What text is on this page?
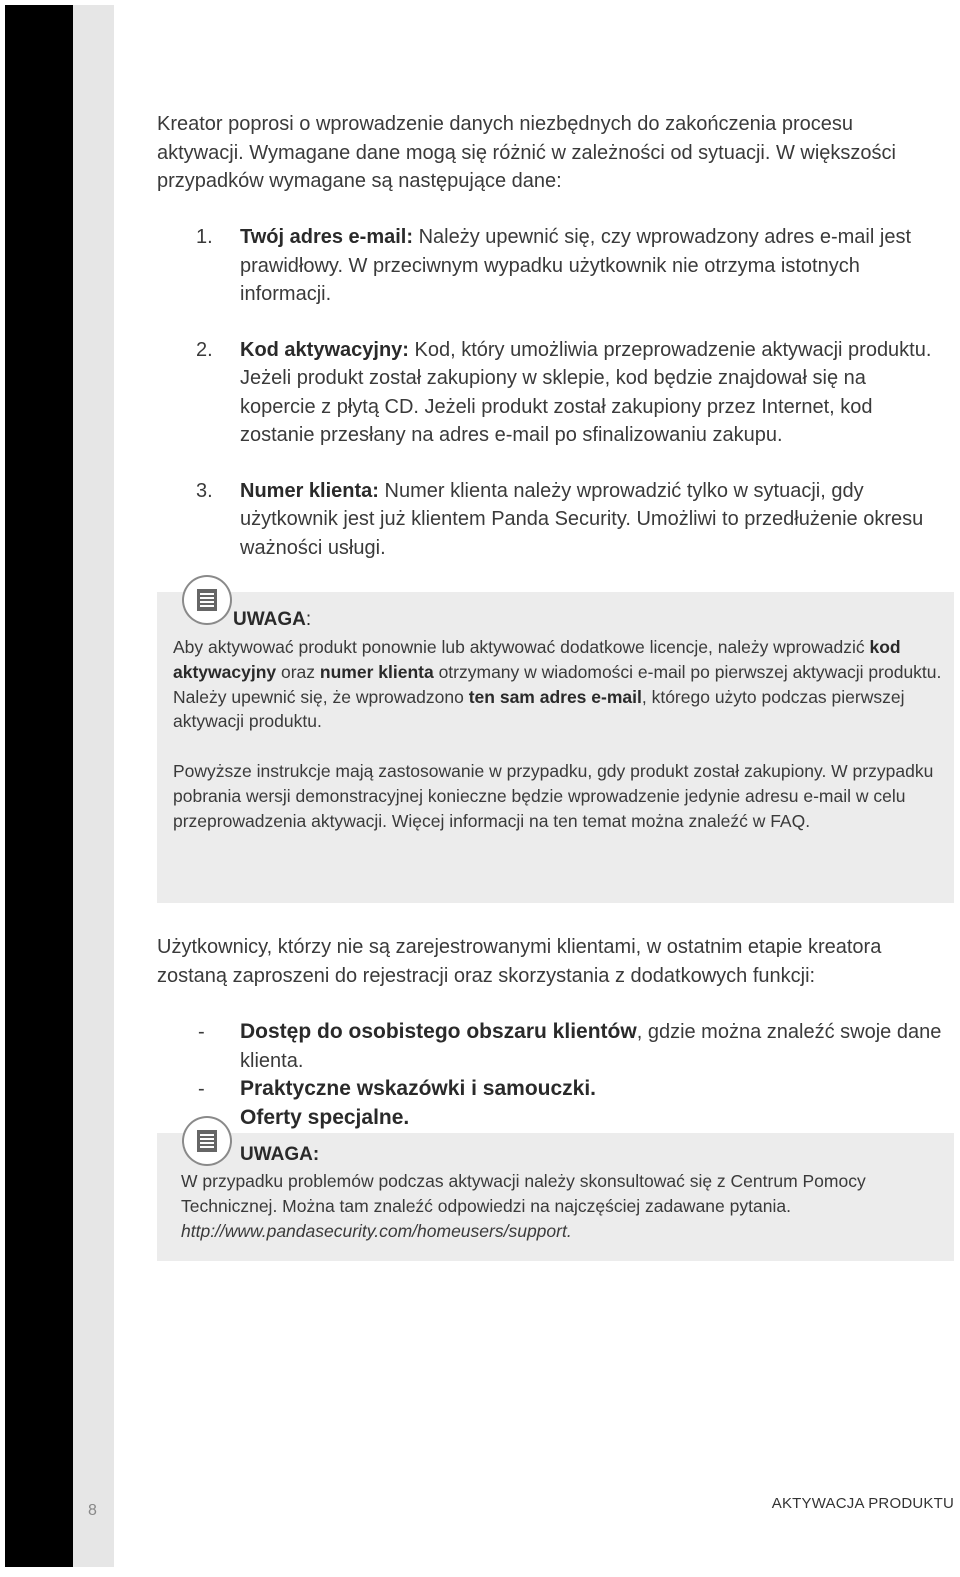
Kreator poprosi o wprowadzenie danych niezbędnych do zakończenia procesu aktywacji. Wymagane dane mogą się różnić w zależności od sytuacji. W większości przypadków wymagane są następujące dane:

1. Twój adres e-mail: Należy upewnić się, czy wprowadzony adres e-mail jest prawidłowy. W przeciwnym wypadku użytkownik nie otrzyma istotnych informacji.
2. Kod aktywacyjny: Kod, który umożliwia przeprowadzenie aktywacji produktu. Jeżeli produkt został zakupiony w sklepie, kod będzie znajdował się na kopercie z płytą CD. Jeżeli produkt został zakupiony przez Internet, kod zostanie przesłany na adres e-mail po sfinalizowaniu zakupu.
3. Numer klienta: Numer klienta należy wprowadzić tylko w sytuacji, gdy użytkownik jest już klientem Panda Security. Umożliwi to przedłużenie okresu ważności usługi.
UWAGA:

Aby aktywować produkt ponownie lub aktywować dodatkowe licencje, należy wprowadzić kod aktywacyjny oraz numer klienta otrzymany w wiadomości e-mail po pierwszej aktywacji produktu. Należy upewnić się, że wprowadzono ten sam adres e-mail, którego użyto podczas pierwszej aktywacji produktu.

Powyższe instrukcje mają zastosowanie w przypadku, gdy produkt został zakupiony. W przypadku pobrania wersji demonstracyjnej konieczne będzie wprowadzenie jedynie adresu e-mail w celu przeprowadzenia aktywacji. Więcej informacji na ten temat można znaleźć w FAQ.

Użytkownicy, którzy nie są zarejestrowanymi klientami, w ostatnim etapie kreatora zostaną zaproszeni do rejestracji oraz skorzystania z dodatkowych funkcji:

- Dostęp do osobistego obszaru klientów, gdzie można znaleźć swoje dane klienta.
- Praktyczne wskazówki i samouczki.
Oferty specjalne.
UWAGA:

W przypadku problemów podczas aktywacji należy skonsultować się z Centrum Pomocy Technicznej. Można tam znaleźć odpowiedzi na najczęściej zadawane pytania.
http://www.pandasecurity.com/homeusers/support.

8	AKTYWACJA PRODUKTU
